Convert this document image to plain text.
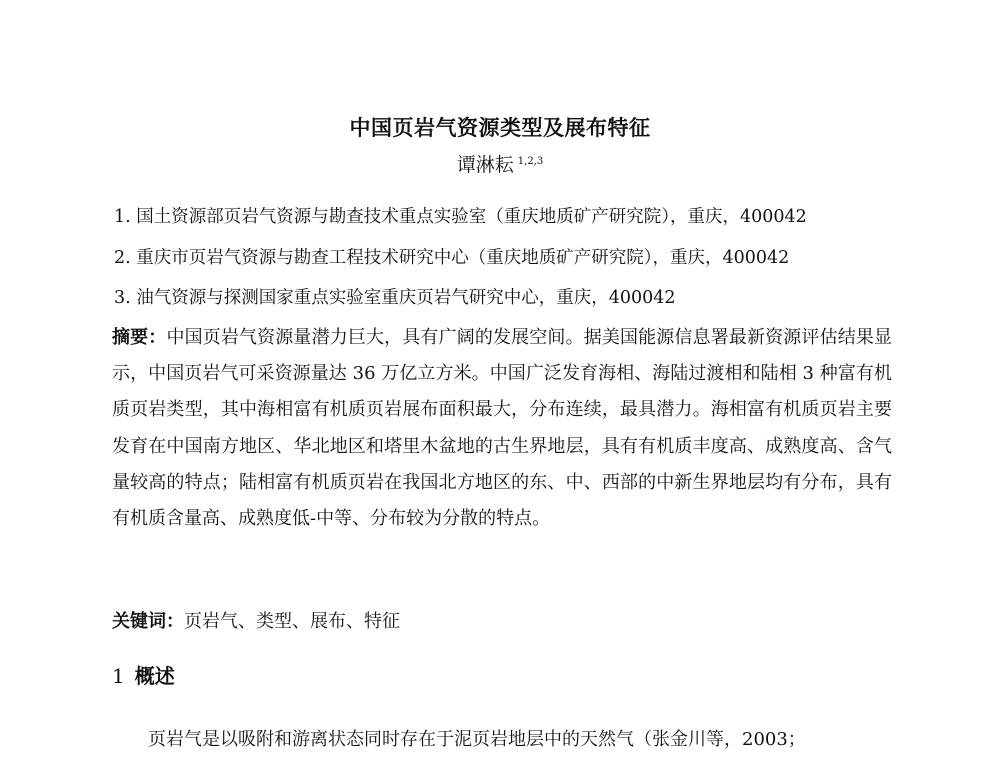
中国页岩气资源类型及展布特征
谭淋耘 $^{1,2,3}$
1. 国土资源部页岩气资源与勘查技术重点实验室（重庆地质矿产研究院），重庆，400042
2. 重庆市页岩气资源与勘查工程技术研究中心（重庆地质矿产研究院），重庆，400042
3. 油气资源与探测国家重点实验室重庆页岩气研究中心，重庆，400042
摘要：中国页岩气资源量潜力巨大，具有广阔的发展空间。据美国能源信息署最新资源评估结果显示，中国页岩气可采资源量达 36 万亿立方米。中国广泛发育海相、海陆过渡相和陆相 3 种富有机质页岩类型，其中海相富有机质页岩展布面积最大，分布连续，最具潜力。海相富有机质页岩主要发育在中国南方地区、华北地区和塔里木盆地的古生界地层，具有有机质丰度高、成熟度高、含气量较高的特点；陆相富有机质页岩在我国北方地区的东、中、西部的中新生界地层均有分布，具有有机质含量高、成熟度低-中等、分布较为分散的特点。
关键词：页岩气、类型、展布、特征
1 概述
页岩气是以吸附和游离状态同时存在于泥页岩地层中的天然气（张金川等，2003；
